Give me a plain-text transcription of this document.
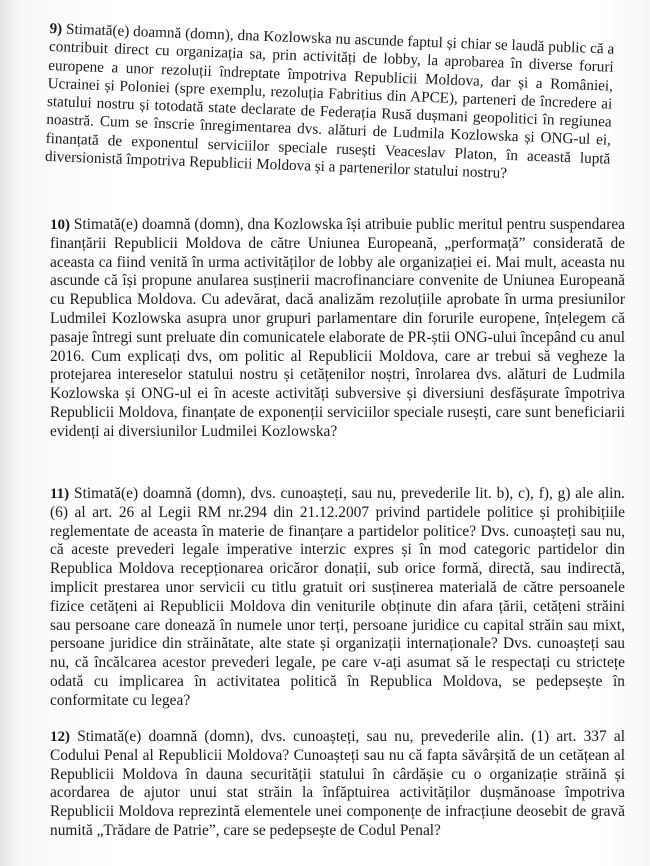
9) Stimată(e) doamnă (domn), dna Kozlowska nu ascunde faptul și chiar se laudă public că a contribuit direct cu organizația sa, prin activități de lobby, la aprobarea în diverse foruri europene a unor rezoluții îndreptate împotriva Republicii Moldova, dar și a României, Ucrainei și Poloniei (spre exemplu, rezoluția Fabritius din APCE), parteneri de încredere ai statului nostru și totodată state declarate de Federația Rusă dușmani geopolitici în regiunea noastră. Cum se înscrie înregimentarea dvs. alături de Ludmila Kozlowska și ONG-ul ei, finanțată de exponentul serviciilor speciale rusești Veaceslav Platon, în această luptă diversionistă împotriva Republicii Moldova și a partenerilor statului nostru?
10) Stimată(e) doamnă (domn), dna Kozlowska își atribuie public meritul pentru suspendarea finanțării Republicii Moldova de către Uniunea Europeană, „performață” considerată de aceasta ca fiind venită în urma activităților de lobby ale organizației ei. Mai mult, aceasta nu ascunde că își propune anularea susținerii macrofinanciare convenite de Uniunea Europeană cu Republica Moldova. Cu adevărat, dacă analizăm rezoluțiile aprobate în urma presiunilor Ludmilei Kozlowska asupra unor grupuri parlamentare din forurile europene, înțelegem că pasaje întregi sunt preluate din comunicatele elaborate de PR-știi ONG-ului începând cu anul 2016. Cum explicați dvs, om politic al Republicii Moldova, care ar trebui să vegheze la protejarea intereselor statului nostru și cetățenilor noștri, înrolarea dvs. alături de Ludmila Kozlowska și ONG-ul ei în aceste activități subversive și diversiuni desfășurate împotriva Republicii Moldova, finanțate de exponenții serviciilor speciale rusești, care sunt beneficiarii evidenți ai diversiunilor Ludmilei Kozlowska?
11) Stimată(e) doamnă (domn), dvs. cunoașteți, sau nu, prevederile lit. b), c), f), g) ale alin. (6) al art. 26 al Legii RM nr.294 din 21.12.2007 privind partidele politice și prohibițiile reglementate de aceasta în materie de finanțare a partidelor politice? Dvs. cunoașteți sau nu, că aceste prevederi legale imperative interzic expres și în mod categoric partidelor din Republica Moldova recepționarea oricăror donații, sub orice formă, directă, sau indirectă, implicit prestarea unor servicii cu titlu gratuit ori susținerea materială de către persoanele fizice cetățeni ai Republicii Moldova din veniturile obținute din afara țării, cetățeni străini sau persoane care donează în numele unor terți, persoane juridice cu capital străin sau mixt, persoane juridice din străinătate, alte state și organizații internaționale? Dvs. cunoașteți sau nu, că încălcarea acestor prevederi legale, pe care v-ați asumat să le respectați cu strictețe odată cu implicarea în activitatea politică în Republica Moldova, se pedepsește în conformitate cu legea?
12) Stimată(e) doamnă (domn), dvs. cunoașteți, sau nu, prevederile alin. (1) art. 337 al Codului Penal al Republicii Moldova? Cunoașteți sau nu că fapta săvârșită de un cetățean al Republicii Moldova în dauna securității statului în cârdășie cu o organizație străină și acordarea de ajutor unui stat străin la înfăptuirea activităților dușmănoase împotriva Republicii Moldova reprezintă elementele unei componențe de infracțiune deosebit de gravă numită „Trădare de Patrie”, care se pedepsește de Codul Penal?
